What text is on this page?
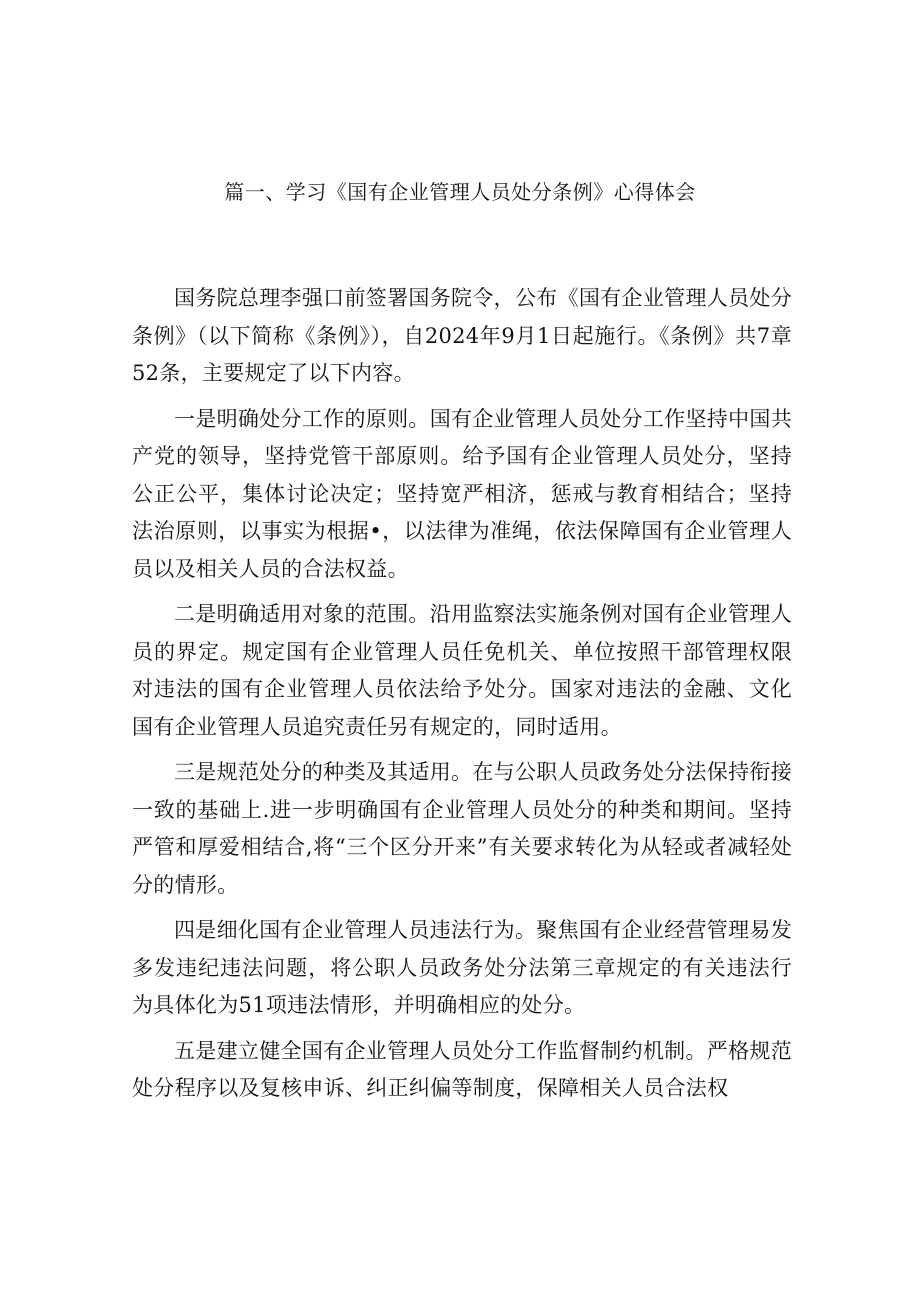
篇一、学习《国有企业管理人员处分条例》心得体会

国务院总理李强口前签署国务院令，公布《国有企业管理人员处分条例》（以下简称《条例》），自2024年9月1日起施行。《条例》共7章52条，主要规定了以下内容。

一是明确处分工作的原则。国有企业管理人员处分工作坚持中国共产党的领导，坚持党管干部原则。给予国有企业管理人员处分，坚持公正公平，集体讨论决定；坚持宽严相济，惩戒与教育相结合；坚持法治原则，以事实为根据•，以法律为准绳，依法保障国有企业管理人员以及相关人员的合法权益。

二是明确适用对象的范围。沿用监察法实施条例对国有企业管理人员的界定。规定国有企业管理人员任免机关、单位按照干部管理权限对违法的国有企业管理人员依法给予处分。国家对违法的金融、文化国有企业管理人员追究责任另有规定的，同时适用。

三是规范处分的种类及其适用。在与公职人员政务处分法保持衔接一致的基础上.进一步明确国有企业管理人员处分的种类和期间。坚持严管和厚爱相结合,将“三个区分开来”有关要求转化为从轻或者减轻处分的情形。

四是细化国有企业管理人员违法行为。聚焦国有企业经营管理易发多发违纪违法问题，将公职人员政务处分法第三章规定的有关违法行为具体化为51项违法情形，并明确相应的处分。

五是建立健全国有企业管理人员处分工作监督制约机制。严格规范处分程序以及复核申诉、纠正纠偏等制度，保障相关人员合法权
